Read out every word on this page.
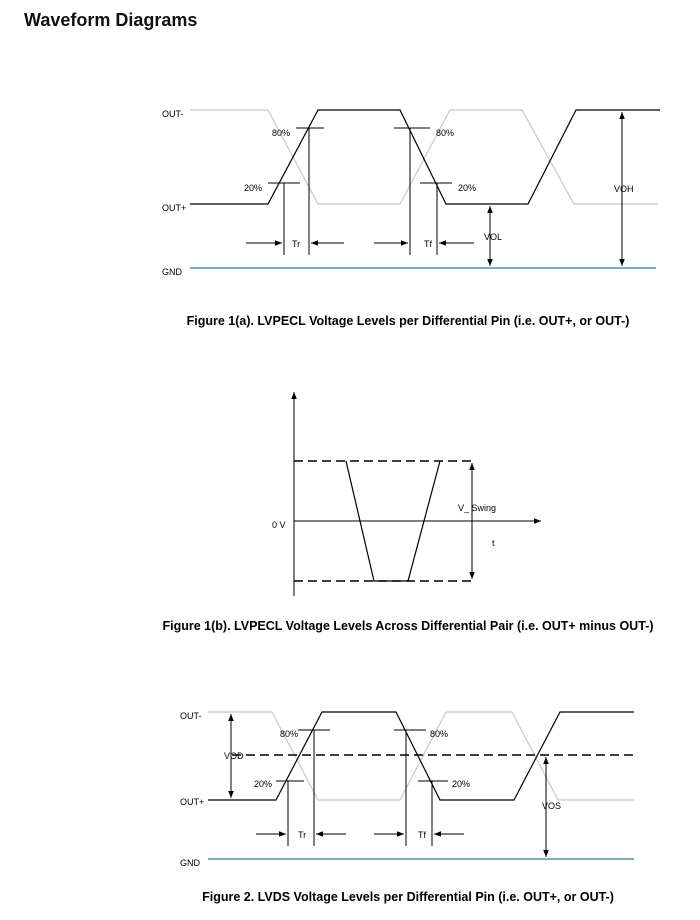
Waveform Diagrams
OUT-
OUT+
GND
80%
20%
80%
20%
Tr	Tf
VOL
VOH
Figure 1(a). LVPECL Voltage Levels per Differential Pin (i.e. OUT+, or OUT-)
0 V
V_ Swing
t
Figure 1(b). LVPECL Voltage Levels Across Differential Pair (i.e. OUT+ minus OUT-)
OUT-
OUT+
GND
VOD
80%
20%
80%
20%
Tr	Tf
VOS
Figure 2. LVDS Voltage Levels per Differential Pin (i.e. OUT+, or OUT-)
